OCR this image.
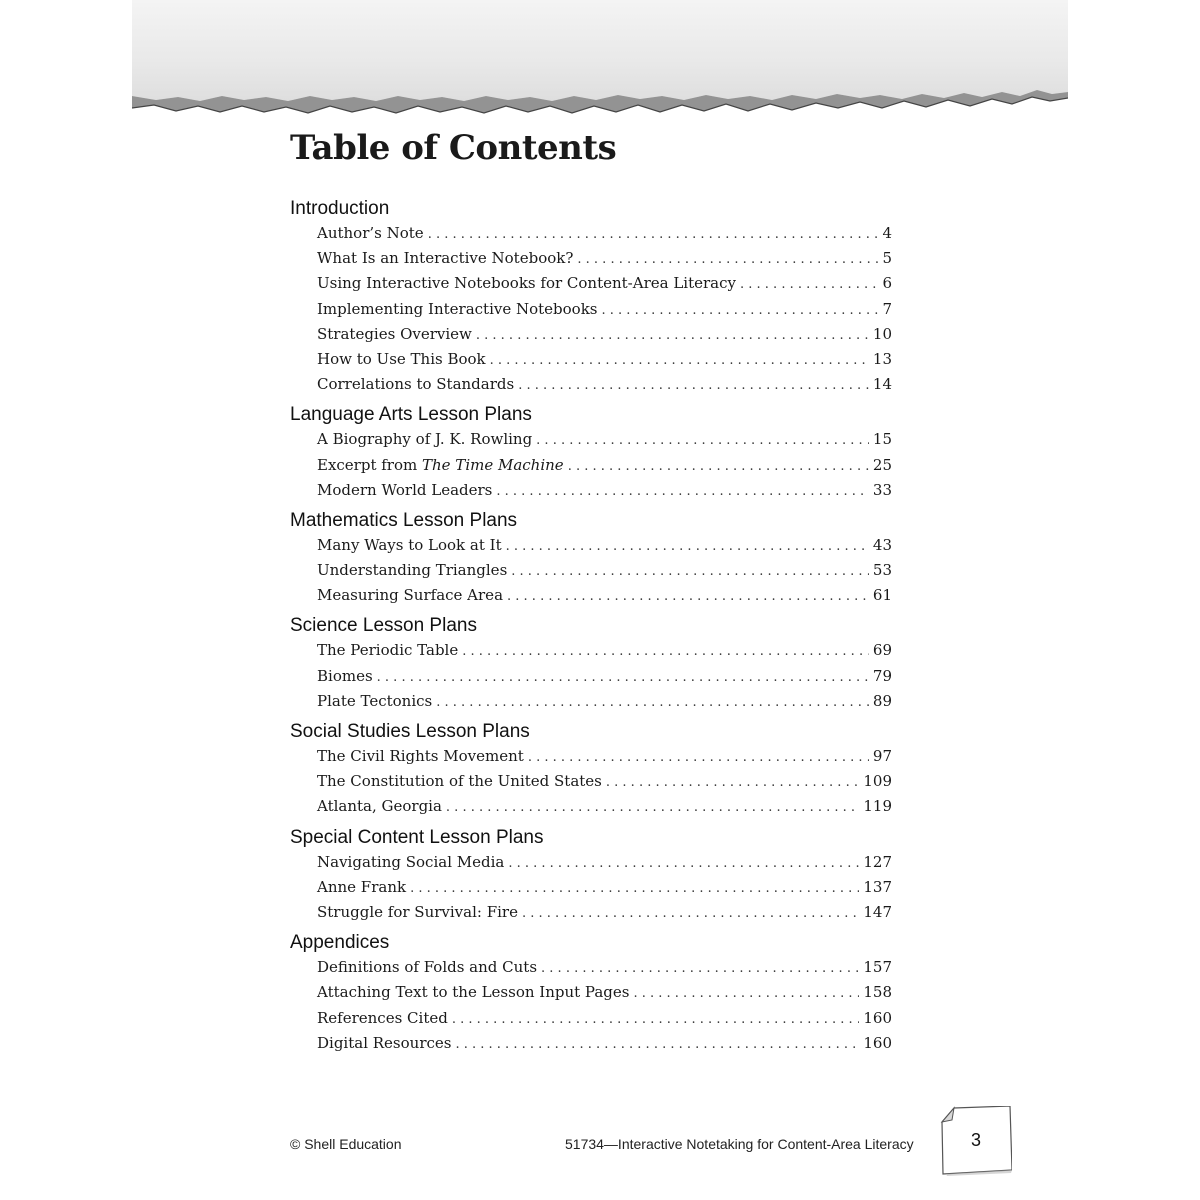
Table of Contents
Introduction
Author’s Note . . .	4
What Is an Interactive Notebook? . . .	5
Using Interactive Notebooks for Content-Area Literacy . . .	6
Implementing Interactive Notebooks . . .	7
Strategies Overview . . .	10
How to Use This Book . . .	13
Correlations to Standards . . .	14
Language Arts Lesson Plans
A Biography of J. K. Rowling . . .	15
Excerpt from The Time Machine . . .	25
Modern World Leaders . . .	33
Mathematics Lesson Plans
Many Ways to Look at It . . .	43
Understanding Triangles . . .	53
Measuring Surface Area . . .	61
Science Lesson Plans
The Periodic Table . . .	69
Biomes . . .	79
Plate Tectonics . . .	89
Social Studies Lesson Plans
The Civil Rights Movement . . .	97
The Constitution of the United States . . .	109
Atlanta, Georgia . . .	119
Special Content Lesson Plans
Navigating Social Media . . .	127
Anne Frank . . .	137
Struggle for Survival: Fire . . .	147
Appendices
Definitions of Folds and Cuts . . .	157
Attaching Text to the Lesson Input Pages . . .	158
References Cited . . .	160
Digital Resources . . .	160
© Shell Education	51734—Interactive Notetaking for Content-Area Literacy	3
